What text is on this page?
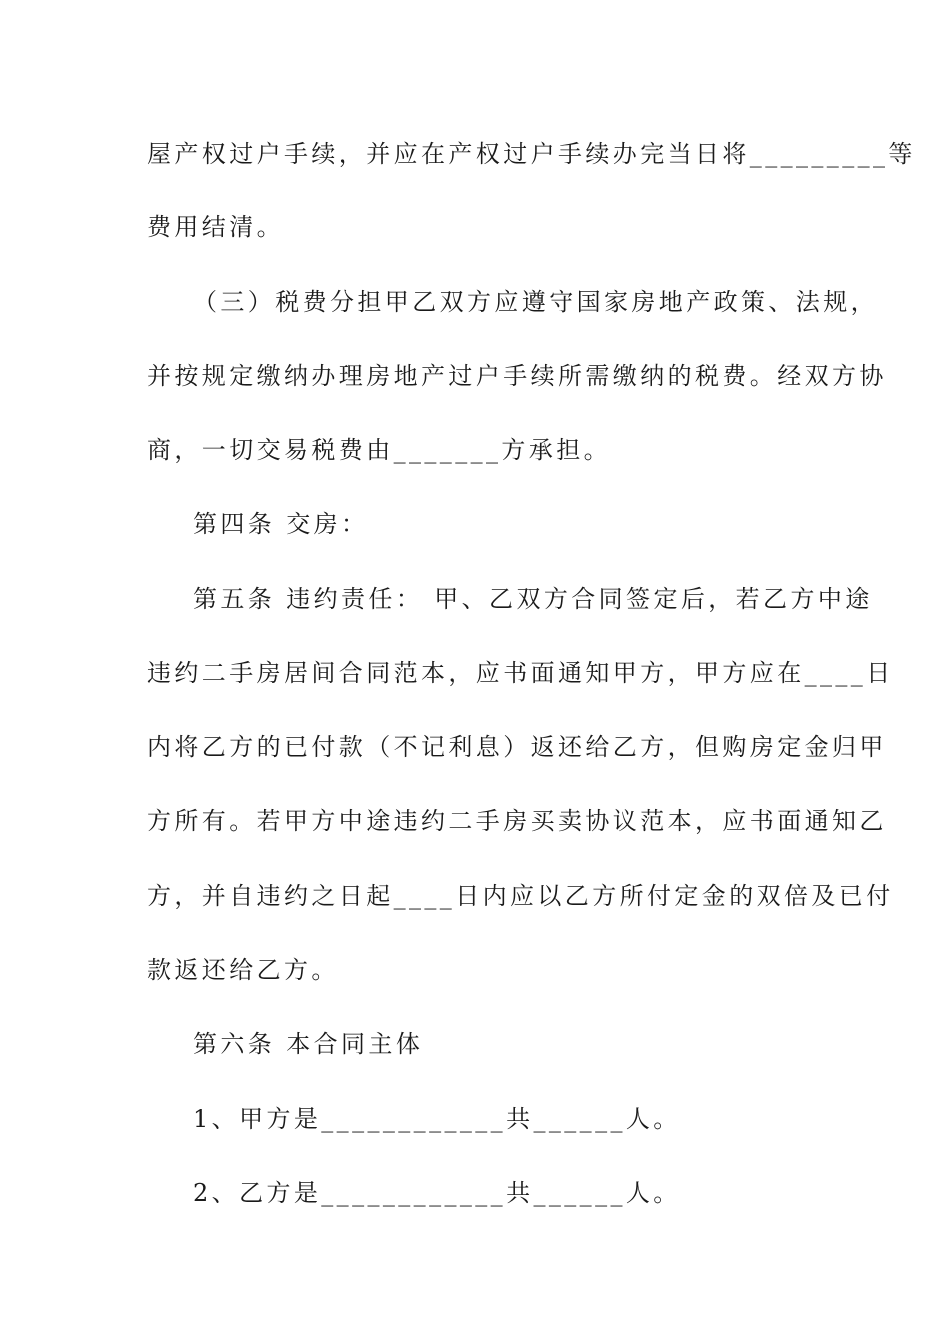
屋产权过户手续，并应在产权过户手续办完当日将_________等
费用结清。
（三）税费分担甲乙双方应遵守国家房地产政策、法规，
并按规定缴纳办理房地产过户手续所需缴纳的税费。经双方协
商，一切交易税费由_______方承担。
第四条 交房：
第五条 违约责任： 甲、乙双方合同签定后，若乙方中途
违约二手房居间合同范本，应书面通知甲方，甲方应在____日
内将乙方的已付款（不记利息）返还给乙方，但购房定金归甲
方所有。若甲方中途违约二手房买卖协议范本，应书面通知乙
方，并自违约之日起____日内应以乙方所付定金的双倍及已付
款返还给乙方。
第六条 本合同主体
1、甲方是____________共______人。
2、乙方是____________共______人。
